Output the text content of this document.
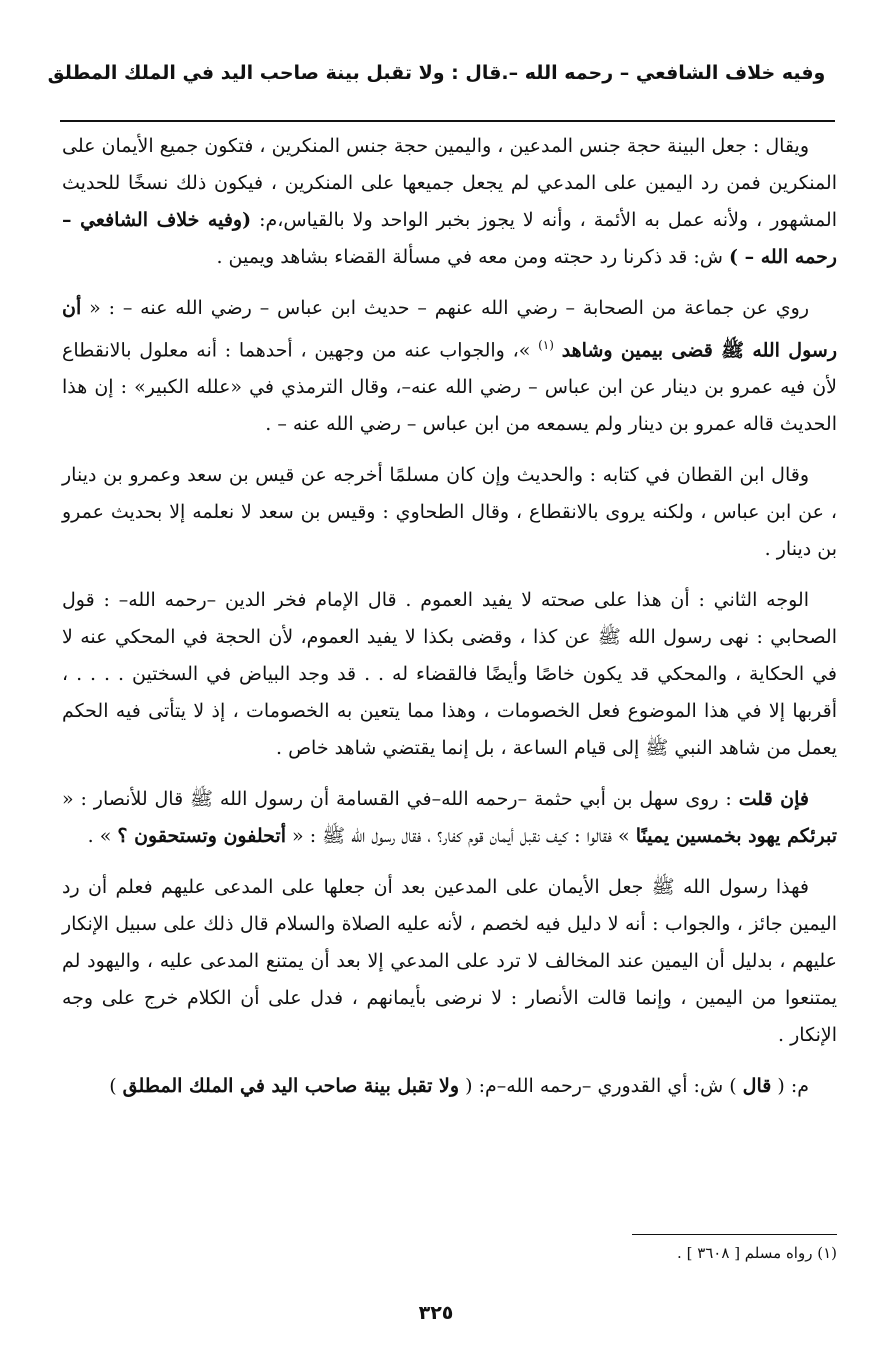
وفيه خلاف الشافعي – رحمه الله –.قال : ولا تقبل بينة صاحب اليد في الملك المطلق

ويقال : جعل البينة حجة جنس المدعين ، واليمين حجة جنس المنكرين ، فتكون جميع الأيمان على المنكرين فمن رد اليمين على المدعي لم يجعل جميعها على المنكرين ، فيكون ذلك نسخًا للحديث المشهور ، ولأنه عمل به الأئمة ، وأنه لا يجوز بخبر الواحد ولا بالقياس،م: (وفيه خلاف الشافعي – رحمه الله – ) ش: قد ذكرنا رد حجته ومن معه في مسألة القضاء بشاهد ويمين .

روي عن جماعة من الصحابة – رضي الله عنهم – حديث ابن عباس – رضي الله عنه – : « أن رسول الله ﷺ قضى بيمين وشاهد $^{(١)}$ »، والجواب عنه من وجهين ، أحدهما : أنه معلول بالانقطاع لأن فيه عمرو بن دينار عن ابن عباس – رضي الله عنه–، وقال الترمذي في «علله الكبير» : إن هذا الحديث قاله عمرو بن دينار ولم يسمعه من ابن عباس – رضي الله عنه – .

وقال ابن القطان في كتابه : والحديث وإن كان مسلمًا أخرجه عن قيس بن سعد وعمرو بن دينار ، عن ابن عباس ، ولكنه يروى بالانقطاع ، وقال الطحاوي : وقيس بن سعد لا نعلمه إلا بحديث عمرو بن دينار .

الوجه الثاني : أن هذا على صحته لا يفيد العموم . قال الإمام فخر الدين –رحمه الله– : قول الصحابي : نهى رسول الله ﷺ عن كذا ، وقضى بكذا لا يفيد العموم، لأن الحجة في المحكي عنه لا في الحكاية ، والمحكي قد يكون خاصًا وأيضًا فالقضاء له . . قد وجد البياض في السختين . . . . ، أقربها إلا في هذا الموضوع فعل الخصومات ، وهذا مما يتعين به الخصومات ، إذ لا يتأتى فيه الحكم يعمل من شاهد النبي ﷺ إلى قيام الساعة ، بل إنما يقتضي شاهد خاص .

فإن قلت : روى سهل بن أبي حثمة –رحمه الله–في القسامة أن رسول الله ﷺ قال للأنصار : « تبرئكم يهود بخمسين يمينًا » فقالوا : كيف نقبل أيمان قوم كفار؟ ، فقال رسول الله ﷺ : « أتحلفون وتستحقون ؟ » .

فهذا رسول الله ﷺ جعل الأيمان على المدعين بعد أن جعلها على المدعى عليهم فعلم أن رد اليمين جائز ، والجواب : أنه لا دليل فيه لخصم ، لأنه عليه الصلاة والسلام قال ذلك على سبيل الإنكار عليهم ، بدليل أن اليمين عند المخالف لا ترد على المدعي إلا بعد أن يمتنع المدعى عليه ، واليهود لم يمتنعوا من اليمين ، وإنما قالت الأنصار : لا نرضى بأيمانهم ، فدل على أن الكلام خرج على وجه الإنكار .

م: ( قال ) ش: أي القدوري –رحمه الله–م: ( ولا تقبل بينة صاحب اليد في الملك المطلق )

(١) رواه مسلم [ ٣٦٠٨ ] .
٣٢٥
